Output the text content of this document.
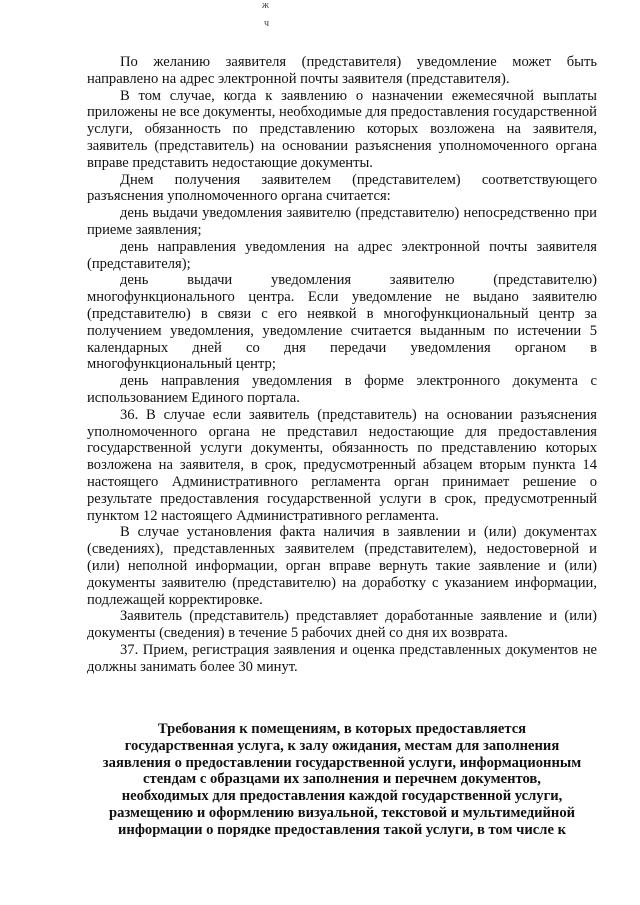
ж
ч

По желанию заявителя (представителя) уведомление может быть направлено на адрес электронной почты заявителя (представителя).

В том случае, когда к заявлению о назначении ежемесячной выплаты приложены не все документы, необходимые для предоставления государственной услуги, обязанность по представлению которых возложена на заявителя, заявитель (представитель) на основании разъяснения уполномоченного органа вправе представить недостающие документы.

Днем получения заявителем (представителем) соответствующего разъяснения уполномоченного органа считается:

день выдачи уведомления заявителю (представителю) непосредственно при приеме заявления;

день направления уведомления на адрес электронной почты заявителя (представителя);

день выдачи уведомления заявителю (представителю) многофункционального центра. Если уведомление не выдано заявителю (представителю) в связи с его неявкой в многофункциональный центр за получением уведомления, уведомление считается выданным по истечении 5 календарных дней со дня передачи уведомления органом в многофункциональный центр;

день направления уведомления в форме электронного документа с использованием Единого портала.

36. В случае если заявитель (представитель) на основании разъяснения уполномоченного органа не представил недостающие для предоставления государственной услуги документы, обязанность по представлению которых возложена на заявителя, в срок, предусмотренный абзацем вторым пункта 14 настоящего Административного регламента орган принимает решение о результате предоставления государственной услуги в срок, предусмотренный пунктом 12 настоящего Административного регламента.

В случае установления факта наличия в заявлении и (или) документах (сведениях), представленных заявителем (представителем), недостоверной и (или) неполной информации, орган вправе вернуть такие заявление и (или) документы заявителю (представителю) на доработку с указанием информации, подлежащей корректировке.

Заявитель (представитель) представляет доработанные заявление и (или) документы (сведения) в течение 5 рабочих дней со дня их возврата.

37. Прием, регистрация заявления и оценка представленных документов не должны занимать более 30 минут.

Требования к помещениям, в которых предоставляется
государственная услуга, к залу ожидания, местам для заполнения
заявления о предоставлении государственной услуги, информационным
стендам с образцами их заполнения и перечнем документов,
необходимых для предоставления каждой государственной услуги,
размещению и оформлению визуальной, текстовой и мультимедийной
информации о порядке предоставления такой услуги, в том числе к
